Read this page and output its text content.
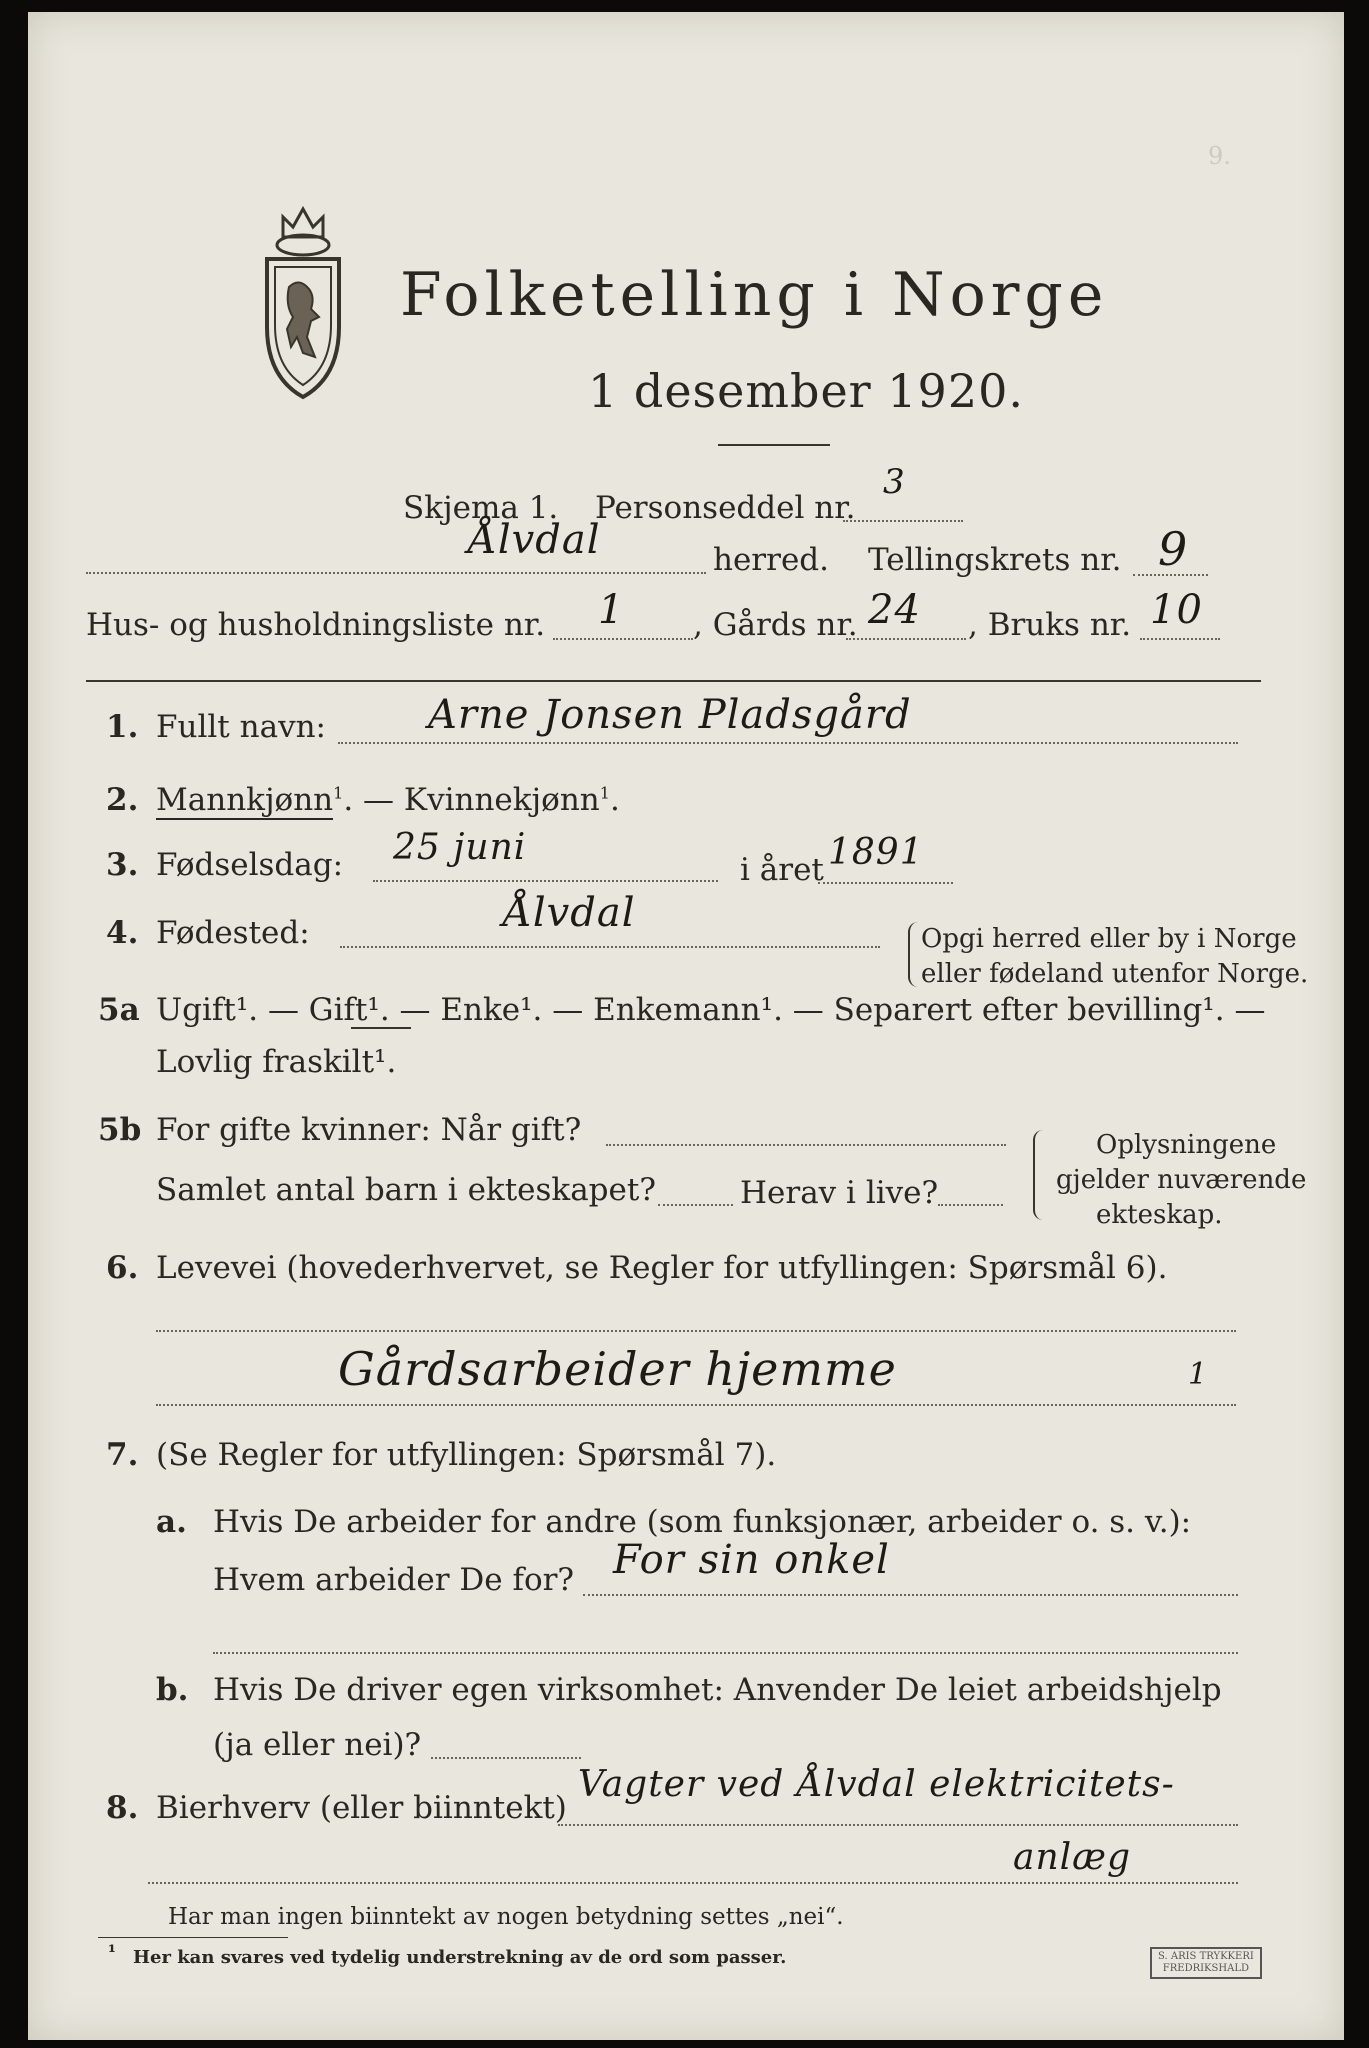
9.
Folketelling i Norge
1 desember 1920.
Skjema 1. Personseddel nr.
3
Ålvdal	herred. Tellingskrets nr. 9
Hus- og husholdningsliste nr. 1 , Gårds nr. 24 , Bruks nr. 10
1. Fullt navn:	Arne Jonsen Pladsgård
2. Mannkjønn$^1$. — Kvinnekjønn$^1$.
3. Fødselsdag: 25 juni
i året 1891
4. Fødested:	Ålvdal
Opgi herred eller by i Norge
eller fødeland utenfor Norge.
5a Ugift¹. — Gift¹. — Enke¹. — Enkemann¹. — Separert efter bevilling¹. —
Lovlig fraskilt¹.
5b For gifte kvinner: Når gift?
Samlet antal barn i ekteskapet?	Herav i live?
Oplysningene
gjelder nuværende
ekteskap.
6. Levevei (hovederhvervet, se Regler for utfyllingen: Spørsmål 6).
Gårdsarbeider hjemme	1
7. (Se Regler for utfyllingen: Spørsmål 7).
a. Hvis De arbeider for andre (som funksjonær, arbeider o. s. v.):
Hvem arbeider De for? For sin onkel
b. Hvis De driver egen virksomhet: Anvender De leiet arbeidshjelp
(ja eller nei)?
8. Bierhverv (eller biinntekt)
Vagter ved Ålvdal elektricitets-
anlæg
Har man ingen biinntekt av nogen betydning settes „nei“.
¹ Her kan svares ved tydelig understrekning av de ord som passer.	S. ARIS TRYKKERI
FREDRIKSHALD
